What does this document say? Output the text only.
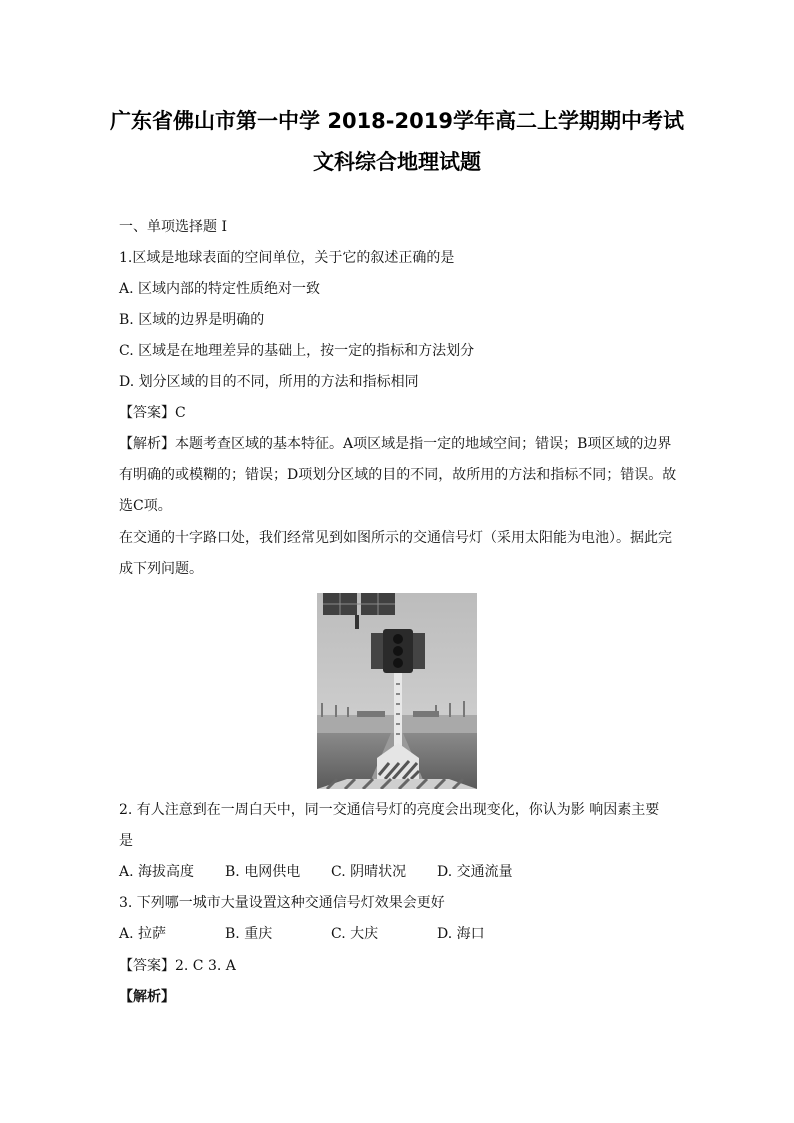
广东省佛山市第一中学 2018-2019学年高二上学期期中考试
文科综合地理试题
一、单项选择题 I
1.区域是地球表面的空间单位，关于它的叙述正确的是
A. 区域内部的特定性质绝对一致
B. 区域的边界是明确的
C. 区域是在地理差异的基础上，按一定的指标和方法划分
D. 划分区域的目的不同，所用的方法和指标相同
【答案】C
【解析】本题考查区域的基本特征。A项区域是指一定的地域空间；错误；B项区域的边界
有明确的或模糊的；错误；D项划分区域的目的不同，故所用的方法和指标不同；错误。故
选C项。
在交通的十字路口处，我们经常见到如图所示的交通信号灯（采用太阳能为电池）。据此完
成下列问题。
2. 有人注意到在一周白天中，同一交通信号灯的亮度会出现变化，你认为影 响因素主要
是
A. 海拔高度 B. 电网供电 C. 阴晴状况 D. 交通流量
3. 下列哪一城市大量设置这种交通信号灯效果会更好
A. 拉萨	B. 重庆	C. 大庆	D. 海口
【答案】2. C 3. A
【解析】
